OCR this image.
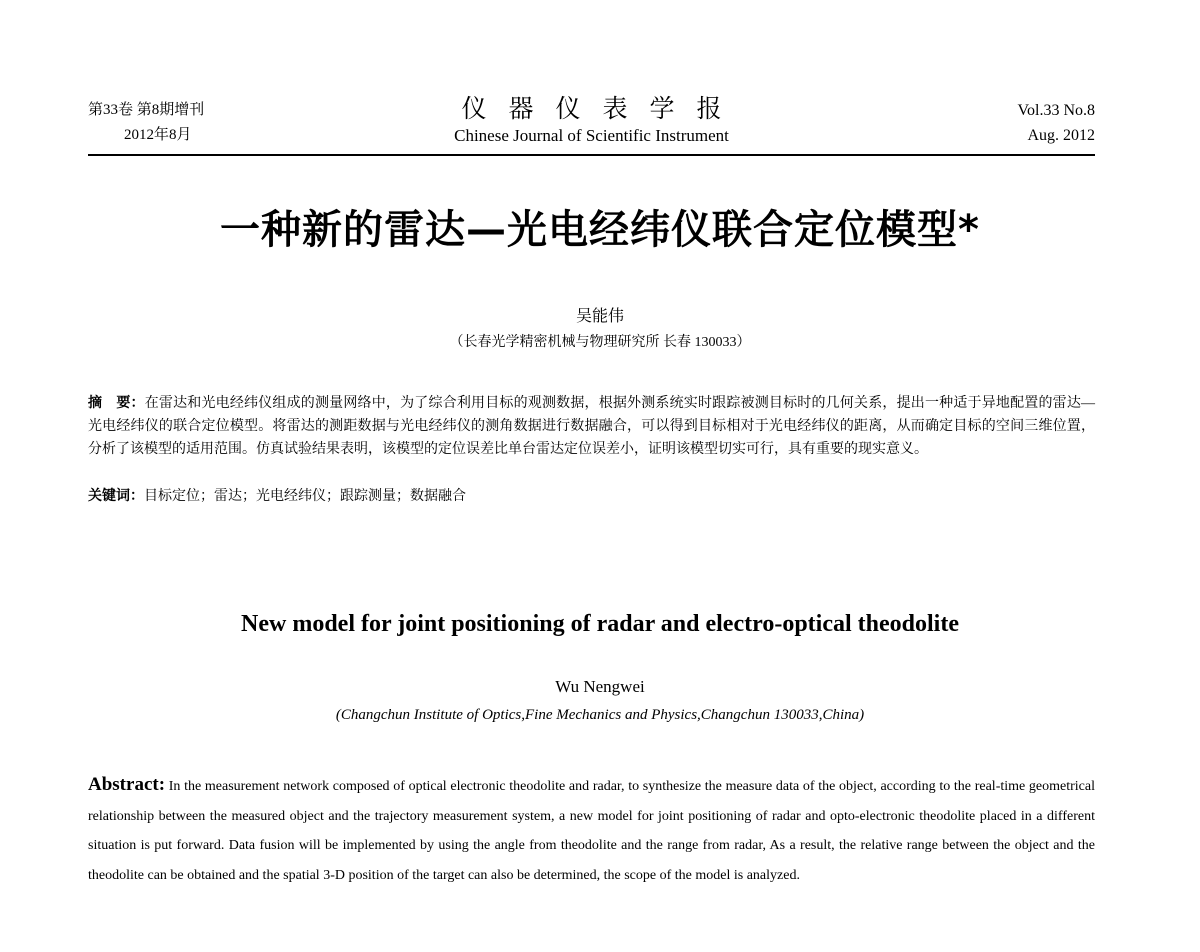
第33卷 第8期增刊
2012年8月
仪器仪表学报
Chinese Journal of Scientific Instrument
Vol.33 No.8
Aug. 2012
一种新的雷达—光电经纬仪联合定位模型*
吴能伟
（长春光学精密机械与物理研究所 长春 130033）
摘　要：在雷达和光电经纬仪组成的测量网络中，为了综合利用目标的观测数据，根据外测系统实时跟踪被测目标时的几何关系，提出一种适于异地配置的雷达—光电经纬仪的联合定位模型。将雷达的测距数据与光电经纬仪的测角数据进行数据融合，可以得到目标相对于光电经纬仪的距离，从而确定目标的空间三维位置，分析了该模型的适用范围。仿真试验结果表明，该模型的定位误差比单台雷达定位误差小，证明该模型切实可行，具有重要的现实意义。
关键词：目标定位；雷达；光电经纬仪；跟踪测量；数据融合
New model for joint positioning of radar and electro-optical theodolite
Wu Nengwei
(Changchun Institute of Optics,Fine Mechanics and Physics,Changchun 130033,China)
Abstract: In the measurement network composed of optical electronic theodolite and radar, to synthesize the measure data of the object, according to the real-time geometrical relationship between the measured object and the trajectory measurement system, a new model for joint positioning of radar and opto-electronic theodolite placed in a different situation is put forward. Data fusion will be implemented by using the angle from theodolite and the range from radar, As a result, the relative range between the object and the theodolite can be obtained and the spatial 3-D position of the target can also be determined, the scope of the model is analyzed.
